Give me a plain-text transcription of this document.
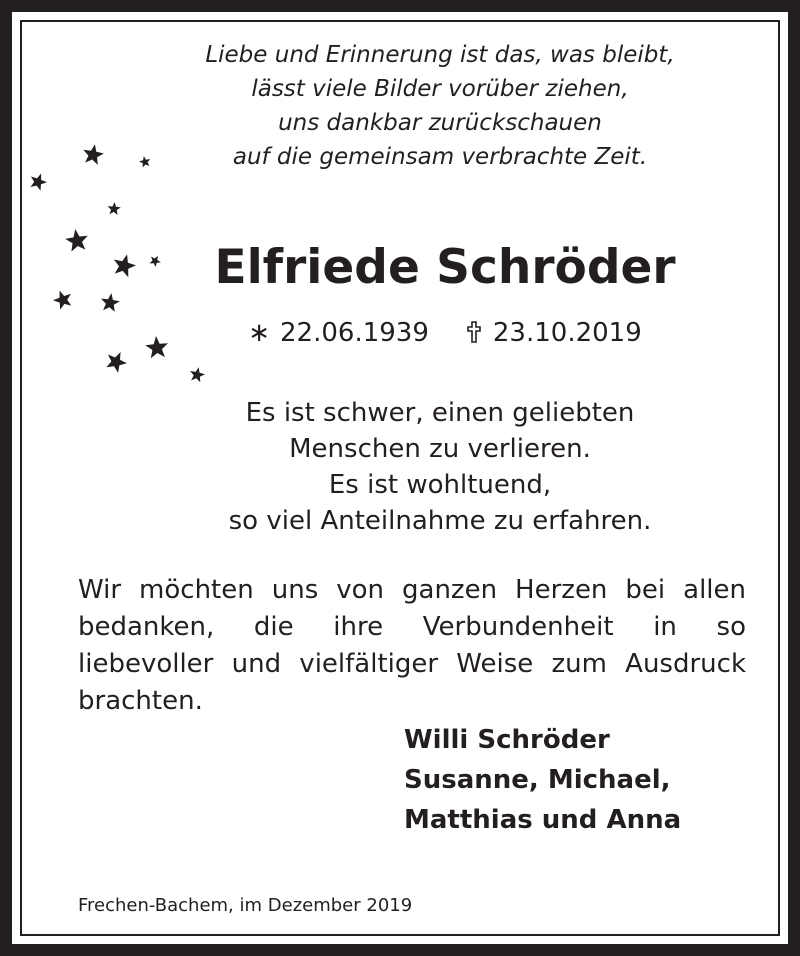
Liebe und Erinnerung ist das, was bleibt,
lässt viele Bilder vorüber ziehen,
uns dankbar zurückschauen
auf die gemeinsam verbrachte Zeit.
Elfriede Schröder
∗ 22.06.1939 23.10.2019
Es ist schwer, einen geliebten
Menschen zu verlieren.
Es ist wohltuend,
so viel Anteilnahme zu erfahren.
Wir möchten uns von ganzen Herzen bei allen
bedanken, die ihre Verbundenheit in so
liebevoller und vielfältiger Weise zum Ausdruck
brachten.
Willi Schröder
Susanne, Michael,
Matthias und Anna
Frechen-Bachem, im Dezember 2019
